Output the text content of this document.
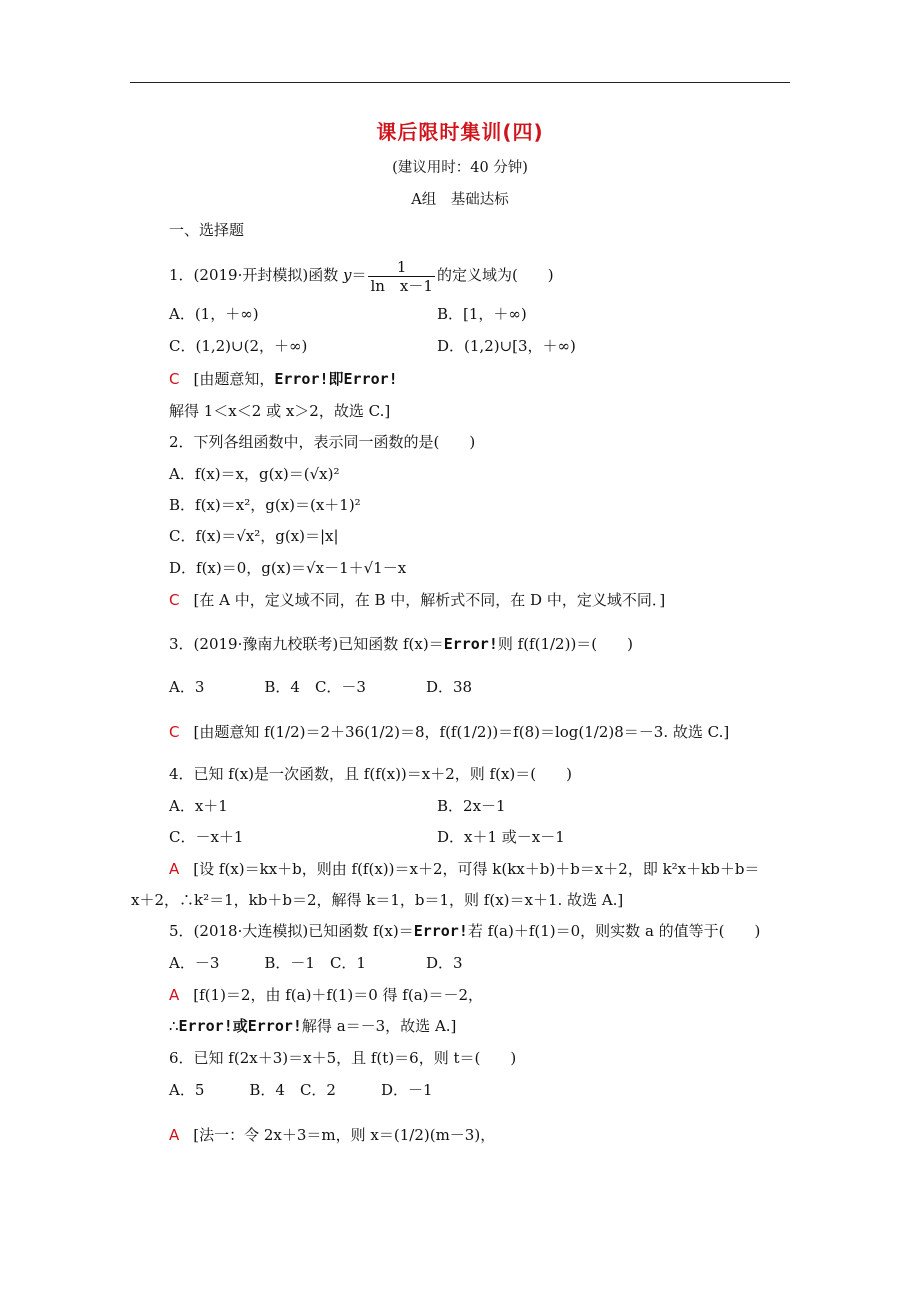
课后限时集训(四)
(建议用时：40 分钟)
A组　基础达标
一、选择题
1．(2019·开封模拟)函数 $y= \frac{1}{\text{ln　x－1}}$ 的定义域为(　　)
A．(1，＋∞)	B．[1，＋∞)
C．(1,2)∪(2，＋∞)	D．(1,2)∪[3，＋∞)
C [由题意知，Error!即Error!
解得 1＜x＜2 或 x＞2，故选 C.]
2．下列各组函数中，表示同一函数的是(　　)
A．f(x)＝x，g(x)＝(√x)²
B．f(x)＝x²，g(x)＝(x＋1)²
C．f(x)＝√x²，g(x)＝|x|
D．f(x)＝0，g(x)＝√x－1＋√1－x
C [在 A 中，定义域不同，在 B 中，解析式不同，在 D 中，定义域不同．]
3．(2019·豫南九校联考)已知函数 f(x)＝Error!则 f(f(1/2))＝(　　)
A．3　　　　B．4　C．－3　　　　D．38
C [由题意知 f(1/2)＝2＋36(1/2)＝8，f(f(1/2))＝f(8)＝log(1/2)8＝－3. 故选 C.]
4．已知 f(x)是一次函数，且 f(f(x))＝x＋2，则 f(x)＝(　　)
A．x＋1	B．2x－1
C．－x＋1	D．x＋1 或－x－1
A [设 f(x)＝kx＋b，则由 f(f(x))＝x＋2，可得 k(kx＋b)＋b＝x＋2，即 k²x＋kb＋b＝
x＋2，∴k²＝1，kb＋b＝2，解得 k＝1，b＝1，则 f(x)＝x＋1. 故选 A.]
5．(2018·大连模拟)已知函数 f(x)＝Error!若 f(a)＋f(1)＝0，则实数 a 的值等于(　　)
A．－3　　　B．－1　C．1　　　　D．3
A [f(1)＝2，由 f(a)＋f(1)＝0 得 f(a)＝－2，
∴Error!或Error!解得 a＝－3，故选 A.]
6．已知 f(2x＋3)＝x＋5，且 f(t)＝6，则 t＝(　　)
A．5　　　B．4　C．2　　　D．－1
A [法一：令 2x＋3＝m，则 x＝(1/2)(m－3)，
